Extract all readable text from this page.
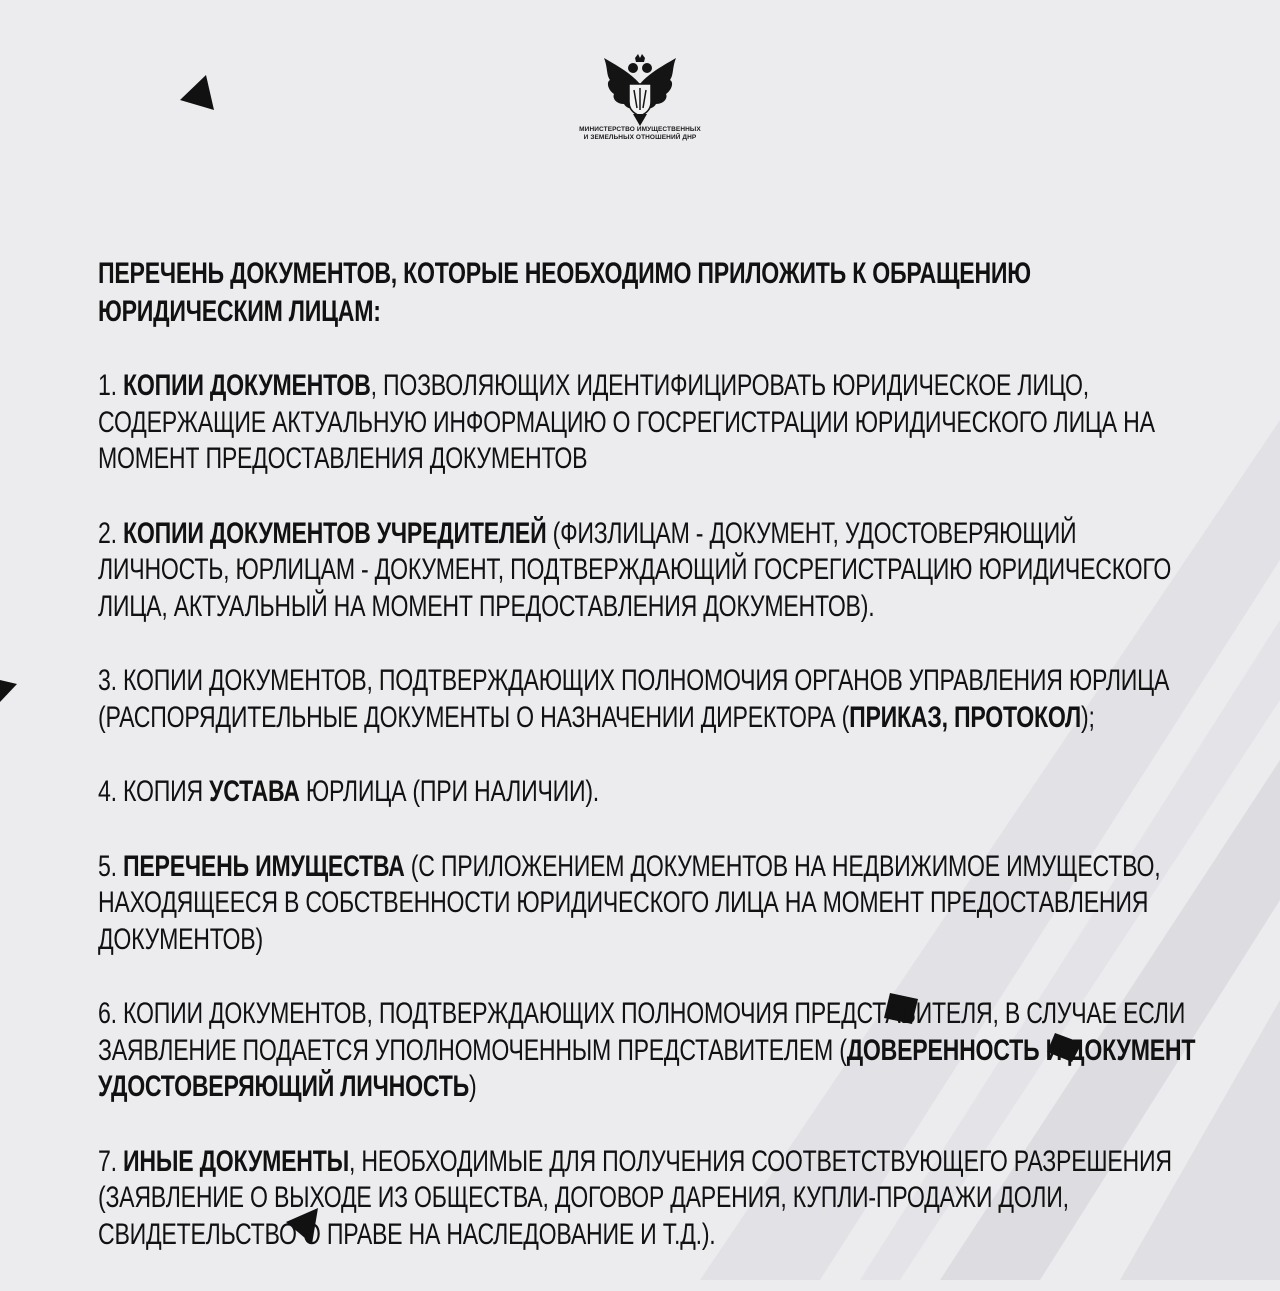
МИНИСТЕРСТВО ИМУЩЕСТВЕННЫХ
И ЗЕМЕЛЬНЫХ ОТНОШЕНИЙ ДНР
ПЕРЕЧЕНЬ ДОКУМЕНТОВ, КОТОРЫЕ НЕОБХОДИМО ПРИЛОЖИТЬ К ОБРАЩЕНИЮ ЮРИДИЧЕСКИМ ЛИЦАМ:
1. КОПИИ ДОКУМЕНТОВ, ПОЗВОЛЯЮЩИХ ИДЕНТИФИЦИРОВАТЬ ЮРИДИЧЕСКОЕ ЛИЦО, СОДЕРЖАЩИЕ АКТУАЛЬНУЮ ИНФОРМАЦИЮ О ГОСРЕГИСТРАЦИИ ЮРИДИЧЕСКОГО ЛИЦА НА МОМЕНТ ПРЕДОСТАВЛЕНИЯ ДОКУМЕНТОВ
2. КОПИИ ДОКУМЕНТОВ УЧРЕДИТЕЛЕЙ (ФИЗЛИЦАМ - ДОКУМЕНТ, УДОСТОВЕРЯЮЩИЙ ЛИЧНОСТЬ, ЮРЛИЦАМ - ДОКУМЕНТ, ПОДТВЕРЖДАЮЩИЙ ГОСРЕГИСТРАЦИЮ ЮРИДИЧЕСКОГО ЛИЦА, АКТУАЛЬНЫЙ НА МОМЕНТ ПРЕДОСТАВЛЕНИЯ ДОКУМЕНТОВ).
3. КОПИИ ДОКУМЕНТОВ, ПОДТВЕРЖДАЮЩИХ ПОЛНОМОЧИЯ ОРГАНОВ УПРАВЛЕНИЯ ЮРЛИЦА (РАСПОРЯДИТЕЛЬНЫЕ ДОКУМЕНТЫ О НАЗНАЧЕНИИ ДИРЕКТОРА (ПРИКАЗ, ПРОТОКОЛ);
4. КОПИЯ УСТАВА ЮРЛИЦА (ПРИ НАЛИЧИИ).
5. ПЕРЕЧЕНЬ ИМУЩЕСТВА (С ПРИЛОЖЕНИЕМ ДОКУМЕНТОВ НА НЕДВИЖИМОЕ ИМУЩЕСТВО, НАХОДЯЩЕЕСЯ В СОБСТВЕННОСТИ ЮРИДИЧЕСКОГО ЛИЦА НА МОМЕНТ ПРЕДОСТАВЛЕНИЯ ДОКУМЕНТОВ)
6. КОПИИ ДОКУМЕНТОВ, ПОДТВЕРЖДАЮЩИХ ПОЛНОМОЧИЯ ПРЕДСТАВИТЕЛЯ, В СЛУЧАЕ ЕСЛИ ЗАЯВЛЕНИЕ ПОДАЕТСЯ УПОЛНОМОЧЕННЫМ ПРЕДСТАВИТЕЛЕМ (ДОВЕРЕННОСТЬ И ДОКУМЕНТ УДОСТОВЕРЯЮЩИЙ ЛИЧНОСТЬ)
7. ИНЫЕ ДОКУМЕНТЫ, НЕОБХОДИМЫЕ ДЛЯ ПОЛУЧЕНИЯ СООТВЕТСТВУЮЩЕГО РАЗРЕШЕНИЯ (ЗАЯВЛЕНИЕ О ВЫХОДЕ ИЗ ОБЩЕСТВА, ДОГОВОР ДАРЕНИЯ, КУПЛИ-ПРОДАЖИ ДОЛИ, СВИДЕТЕЛЬСТВО О ПРАВЕ НА НАСЛЕДОВАНИЕ И Т.Д.).
